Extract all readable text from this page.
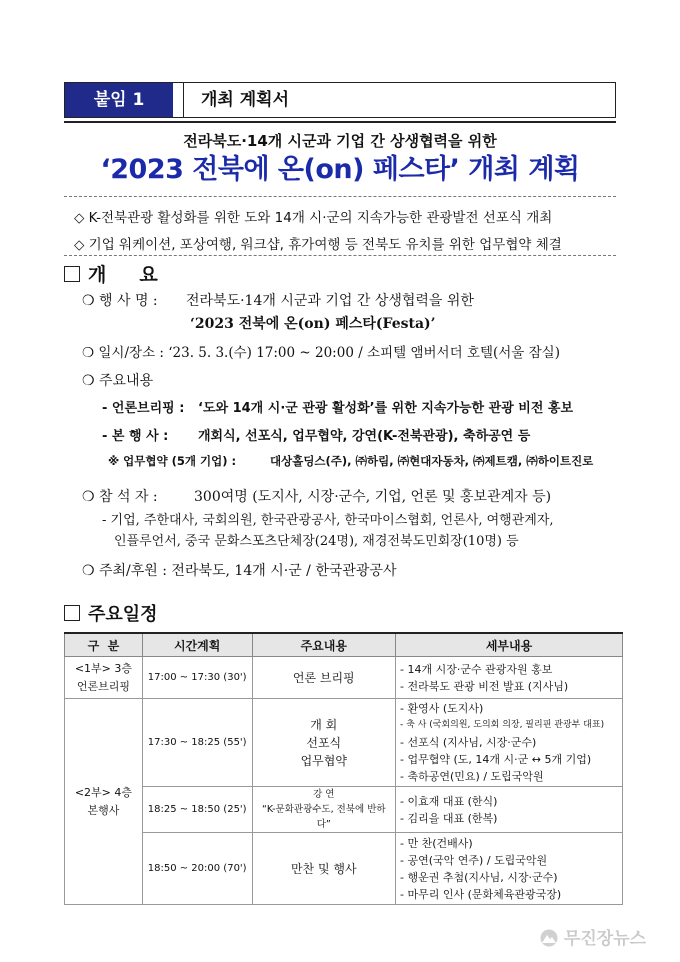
붙임 1	개최 계획서
전라북도·14개 시군과 기업 간 상생협력을 위한
‘2023 전북에 온(on) 페스타’ 개최 계획
◇ K-전북관광 활성화를 위한 도와 14개 시·군의 지속가능한 관광발전 선포식 개최
◇ 기업 워케이션, 포상여행, 워크샵, 휴가여행 등 전북도 유치를 위한 업무협약 체결
개     요
❍ 행 사 명 : 전라북도·14개 시군과 기업 간 상생협력을 위한
‘2023 전북에 온(on) 페스타(Festa)’
❍ 일시/장소 : ‘23. 5. 3.(수) 17:00 ~ 20:00 / 소피텔 앰버서더 호텔(서울 잠실)
❍ 주요내용
- 언론브리핑 : ‘도와 14개 시·군 관광 활성화’를 위한 지속가능한 관광 비전 홍보
- 본 행 사 : 개회식, 선포식, 업무협약, 강연(K-전북관광), 축하공연 등
※ 업무협약 (5개 기업) :	대상홀딩스(주), ㈜하림, ㈜현대자동차, ㈜제트캠, ㈜하이트진로
❍ 참 석 자 :	300여명 (도지사, 시장·군수, 기업, 언론 및 홍보관계자 등)
- 기업, 주한대사, 국회의원, 한국관광공사, 한국마이스협회, 언론사, 여행관계자,
인플루언서, 중국 문화스포츠단체장(24명), 재경전북도민회장(10명) 등
❍ 주최/후원 : 전라북도, 14개 시·군 / 한국관광공사
주요일정
구  분	시간계획	주요내용	세부내용
<1부> 3층 언론브리핑	17:00 ~ 17:30 (30')	언론 브리핑	- 14개 시장·군수 관광자원 홍보
- 전라북도 관광 비전 발표 (지사님)

<2부> 4층 본행사	17:30 ~ 18:25 (55')	개 회
선포식
업무협약	- 환영사 (도지사)
- 축 사 (국회의원, 도의회 의장, 필리핀 관광부 대표)
- 선포식 (지사님, 시장·군수)
- 업무협약 (도, 14개 시·군 ↔ 5개 기업)
- 축하공연(민요) / 도립국악원

	18:25 ~ 18:50 (25')	강 연
“K-문화관광수도, 전북에 반하다”	- 이효재 대표 (한식)
- 김리을 대표 (한복)

	18:50 ~ 20:00 (70')	만찬 및 행사	- 만 찬(건배사)
- 공연(국악 연주) / 도립국악원
- 행운권 추첨(지사님, 시장·군수)
- 마무리 인사 (문화체육관광국장)
무진장뉴스
